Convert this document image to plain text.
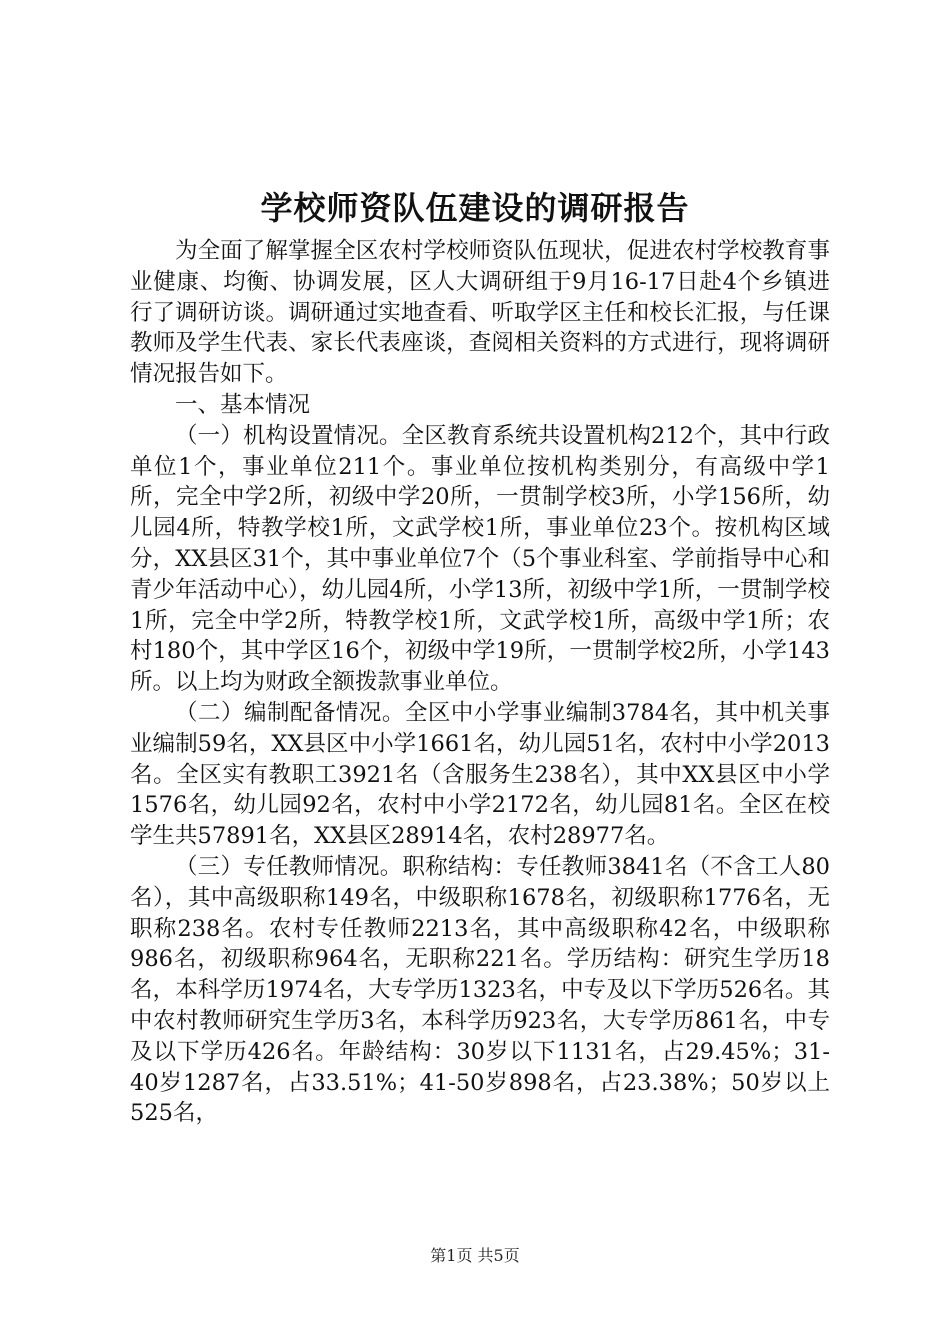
学校师资队伍建设的调研报告

为全面了解掌握全区农村学校师资队伍现状，促进农村学校教育事业健康、均衡、协调发展，区人大调研组于9月16-17日赴4个乡镇进行了调研访谈。调研通过实地查看、听取学区主任和校长汇报，与任课教师及学生代表、家长代表座谈，查阅相关资料的方式进行，现将调研情况报告如下。

一、基本情况

（一）机构设置情况。全区教育系统共设置机构212个，其中行政单位1个，事业单位211个。事业单位按机构类别分，有高级中学1所，完全中学2所，初级中学20所，一贯制学校3所，小学156所，幼儿园4所，特教学校1所，文武学校1所，事业单位23个。按机构区域分，XX县区31个，其中事业单位7个（5个事业科室、学前指导中心和青少年活动中心），幼儿园4所，小学13所，初级中学1所，一贯制学校1所，完全中学2所，特教学校1所，文武学校1所，高级中学1所；农村180个，其中学区16个，初级中学19所，一贯制学校2所，小学143所。以上均为财政全额拨款事业单位。

（二）编制配备情况。全区中小学事业编制3784名，其中机关事业编制59名，XX县区中小学1661名，幼儿园51名，农村中小学2013名。全区实有教职工3921名（含服务生238名），其中XX县区中小学1576名，幼儿园92名，农村中小学2172名，幼儿园81名。全区在校学生共57891名，XX县区28914名，农村28977名。

（三）专任教师情况。职称结构：专任教师3841名（不含工人80名），其中高级职称149名，中级职称1678名，初级职称1776名，无职称238名。农村专任教师2213名，其中高级职称42名，中级职称986名，初级职称964名，无职称221名。学历结构：研究生学历18名，本科学历1974名，大专学历1323名，中专及以下学历526名。其中农村教师研究生学历3名，本科学历923名，大专学历861名，中专及以下学历426名。年龄结构：30岁以下1131名，占29.45%；31-40岁1287名，占33.51%；41-50岁898名，占23.38%；50岁以上525名，

第1页 共5页
